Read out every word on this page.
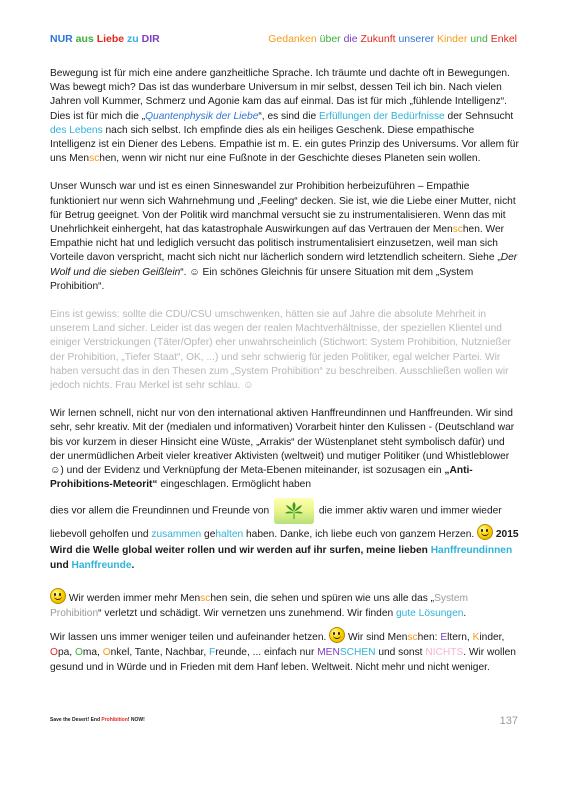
NUR aus Liebe zu DIR	Gedanken über die Zukunft unserer Kinder und Enkel

Bewegung ist für mich eine andere ganzheitliche Sprache. Ich träumte und dachte oft in Bewegungen. Was bewegt mich? Das ist das wunderbare Universum in mir selbst, dessen Teil ich bin. Nach vielen Jahren voll Kummer, Schmerz und Agonie kam das auf einmal. Das ist für mich „fühlende Intelligenz“. Dies ist für mich die „Quantenphysik der Liebe“, es sind die Erfüllungen der Bedürfnisse der Sehnsucht des Lebens nach sich selbst. Ich empfinde dies als ein heiliges Geschenk. Diese empathische Intelligenz ist ein Diener des Lebens. Empathie ist m. E. ein gutes Prinzip des Universums. Vor allem für uns Menschen, wenn wir nicht nur eine Fußnote in der Geschichte dieses Planeten sein wollen.

Unser Wunsch war und ist es einen Sinneswandel zur Prohibition herbeizuführen – Empathie funktioniert nur wenn sich Wahrnehmung und „Feeling“ decken. Sie ist, wie die Liebe einer Mutter, nicht für Betrug geeignet. Von der Politik wird manchmal versucht sie zu instrumentalisieren. Wenn das mit Unehrlichkeit einhergeht, hat das katastrophale Auswirkungen auf das Vertrauen der Menschen. Wer Empathie nicht hat und lediglich versucht das politisch instrumentalisiert einzusetzen, weil man sich Vorteile davon verspricht, macht sich nicht nur lächerlich sondern wird letztendlich scheitern. Siehe „Der Wolf und die sieben Geißlein“. ☺ Ein schönes Gleichnis für unsere Situation mit dem „System Prohibition“.

Eins ist gewiss: sollte die CDU/CSU umschwenken, hätten sie auf Jahre die absolute Mehrheit in unserem Land sicher. Leider ist das wegen der realen Machtverhältnisse, der speziellen Klientel und einiger Verstrickungen (Täter/Opfer) eher unwahrscheinlich (Stichwort: System Prohibition, Nutznießer der Prohibition, „Tiefer Staat“, OK, ...) und sehr schwierig für jeden Politiker, egal welcher Partei. Wir haben versucht das in den Thesen zum „System Prohibition“ zu beschreiben. Ausschließen wollen wir jedoch nichts. Frau Merkel ist sehr schlau. ☺

Wir lernen schnell, nicht nur von den international aktiven Hanffreundinnen und Hanffreunden. Wir sind sehr, sehr kreativ. Mit der (medialen und informativen) Vorarbeit hinter den Kulissen - (Deutschland war bis vor kurzem in dieser Hinsicht eine Wüste, „Arrakis“ der Wüstenplanet steht symbolisch dafür) und der unermüdlichen Arbeit vieler kreativer Aktivisten (weltweit) und mutiger Politiker (und Whistleblower ☺) und der Evidenz und Verknüpfung der Meta-Ebenen miteinander, ist sozusagen ein „Anti-Prohibitions-Meteorit“ eingeschlagen. Ermöglicht haben

dies vor allem die Freundinnen und Freunde von	die immer aktiv waren und immer wieder liebevoll geholfen und zusammen gehalten haben. Danke, ich liebe euch von ganzem Herzen.  2015 Wird die Welle global weiter rollen und wir werden auf ihr surfen, meine lieben Hanffreundinnen und Hanffreunde.

Wir werden immer mehr Menschen sein, die sehen und spüren wie uns alle das „System Prohibition“ verletzt und schädigt. Wir vernetzen uns zunehmend. Wir finden gute Lösungen.

Wir lassen uns immer weniger teilen und aufeinander hetzen.  Wir sind Menschen: Eltern, Kinder, Opa, Oma, Onkel, Tante, Nachbar, Freunde, ... einfach nur MENSCHEN und sonst NICHTS. Wir wollen gesund und in Würde und in Frieden mit dem Hanf leben. Weltweit. Nicht mehr und nicht weniger.

Save the Desert! End Prohibition! NOW!	137
